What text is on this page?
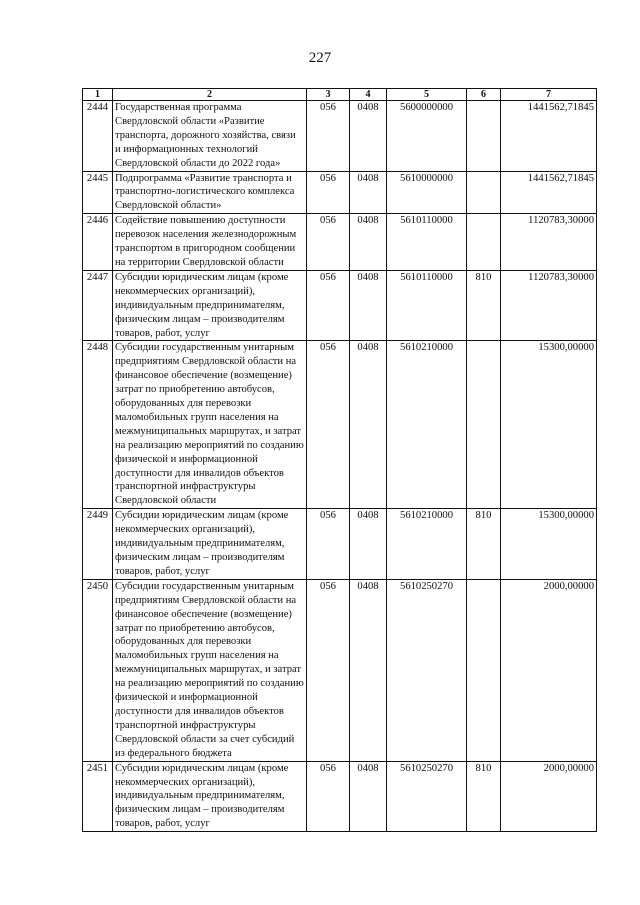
227
1	2	3	4	5	6	7
2444	Государственная программа Свердловской области «Развитие транспорта, дорожного хозяйства, связи и информационных технологий Свердловской области до 2022 года»	056	0408	5600000000		1441562,71845
2445	Подпрограмма «Развитие транспорта и транспортно-логистического комплекса Свердловской области»	056	0408	5610000000		1441562,71845
2446	Содействие повышению доступности перевозок населения железнодорожным транспортом в пригородном сообщении на территории Свердловской области	056	0408	5610110000		1120783,30000
2447	Субсидии юридическим лицам (кроме некоммерческих организаций), индивидуальным предпринимателям, физическим лицам – производителям товаров, работ, услуг	056	0408	5610110000	810	1120783,30000
2448	Субсидии государственным унитарным предприятиям Свердловской области на финансовое обеспечение (возмещение) затрат по приобретению автобусов, оборудованных для перевозки маломобильных групп населения на межмуниципальных маршрутах, и затрат на реализацию мероприятий по созданию физической и информационной доступности для инвалидов объектов транспортной инфраструктуры Свердловской области	056	0408	5610210000		15300,00000
2449	Субсидии юридическим лицам (кроме некоммерческих организаций), индивидуальным предпринимателям, физическим лицам – производителям товаров, работ, услуг	056	0408	5610210000	810	15300,00000
2450	Субсидии государственным унитарным предприятиям Свердловской области на финансовое обеспечение (возмещение) затрат по приобретению автобусов, оборудованных для перевозки маломобильных групп населения на межмуниципальных маршрутах, и затрат на реализацию мероприятий по созданию физической и информационной доступности для инвалидов объектов транспортной инфраструктуры Свердловской области за счет субсидий из федерального бюджета	056	0408	5610250270		2000,00000
2451	Субсидии юридическим лицам (кроме некоммерческих организаций), индивидуальным предпринимателям, физическим лицам – производителям товаров, работ, услуг	056	0408	5610250270	810	2000,00000
